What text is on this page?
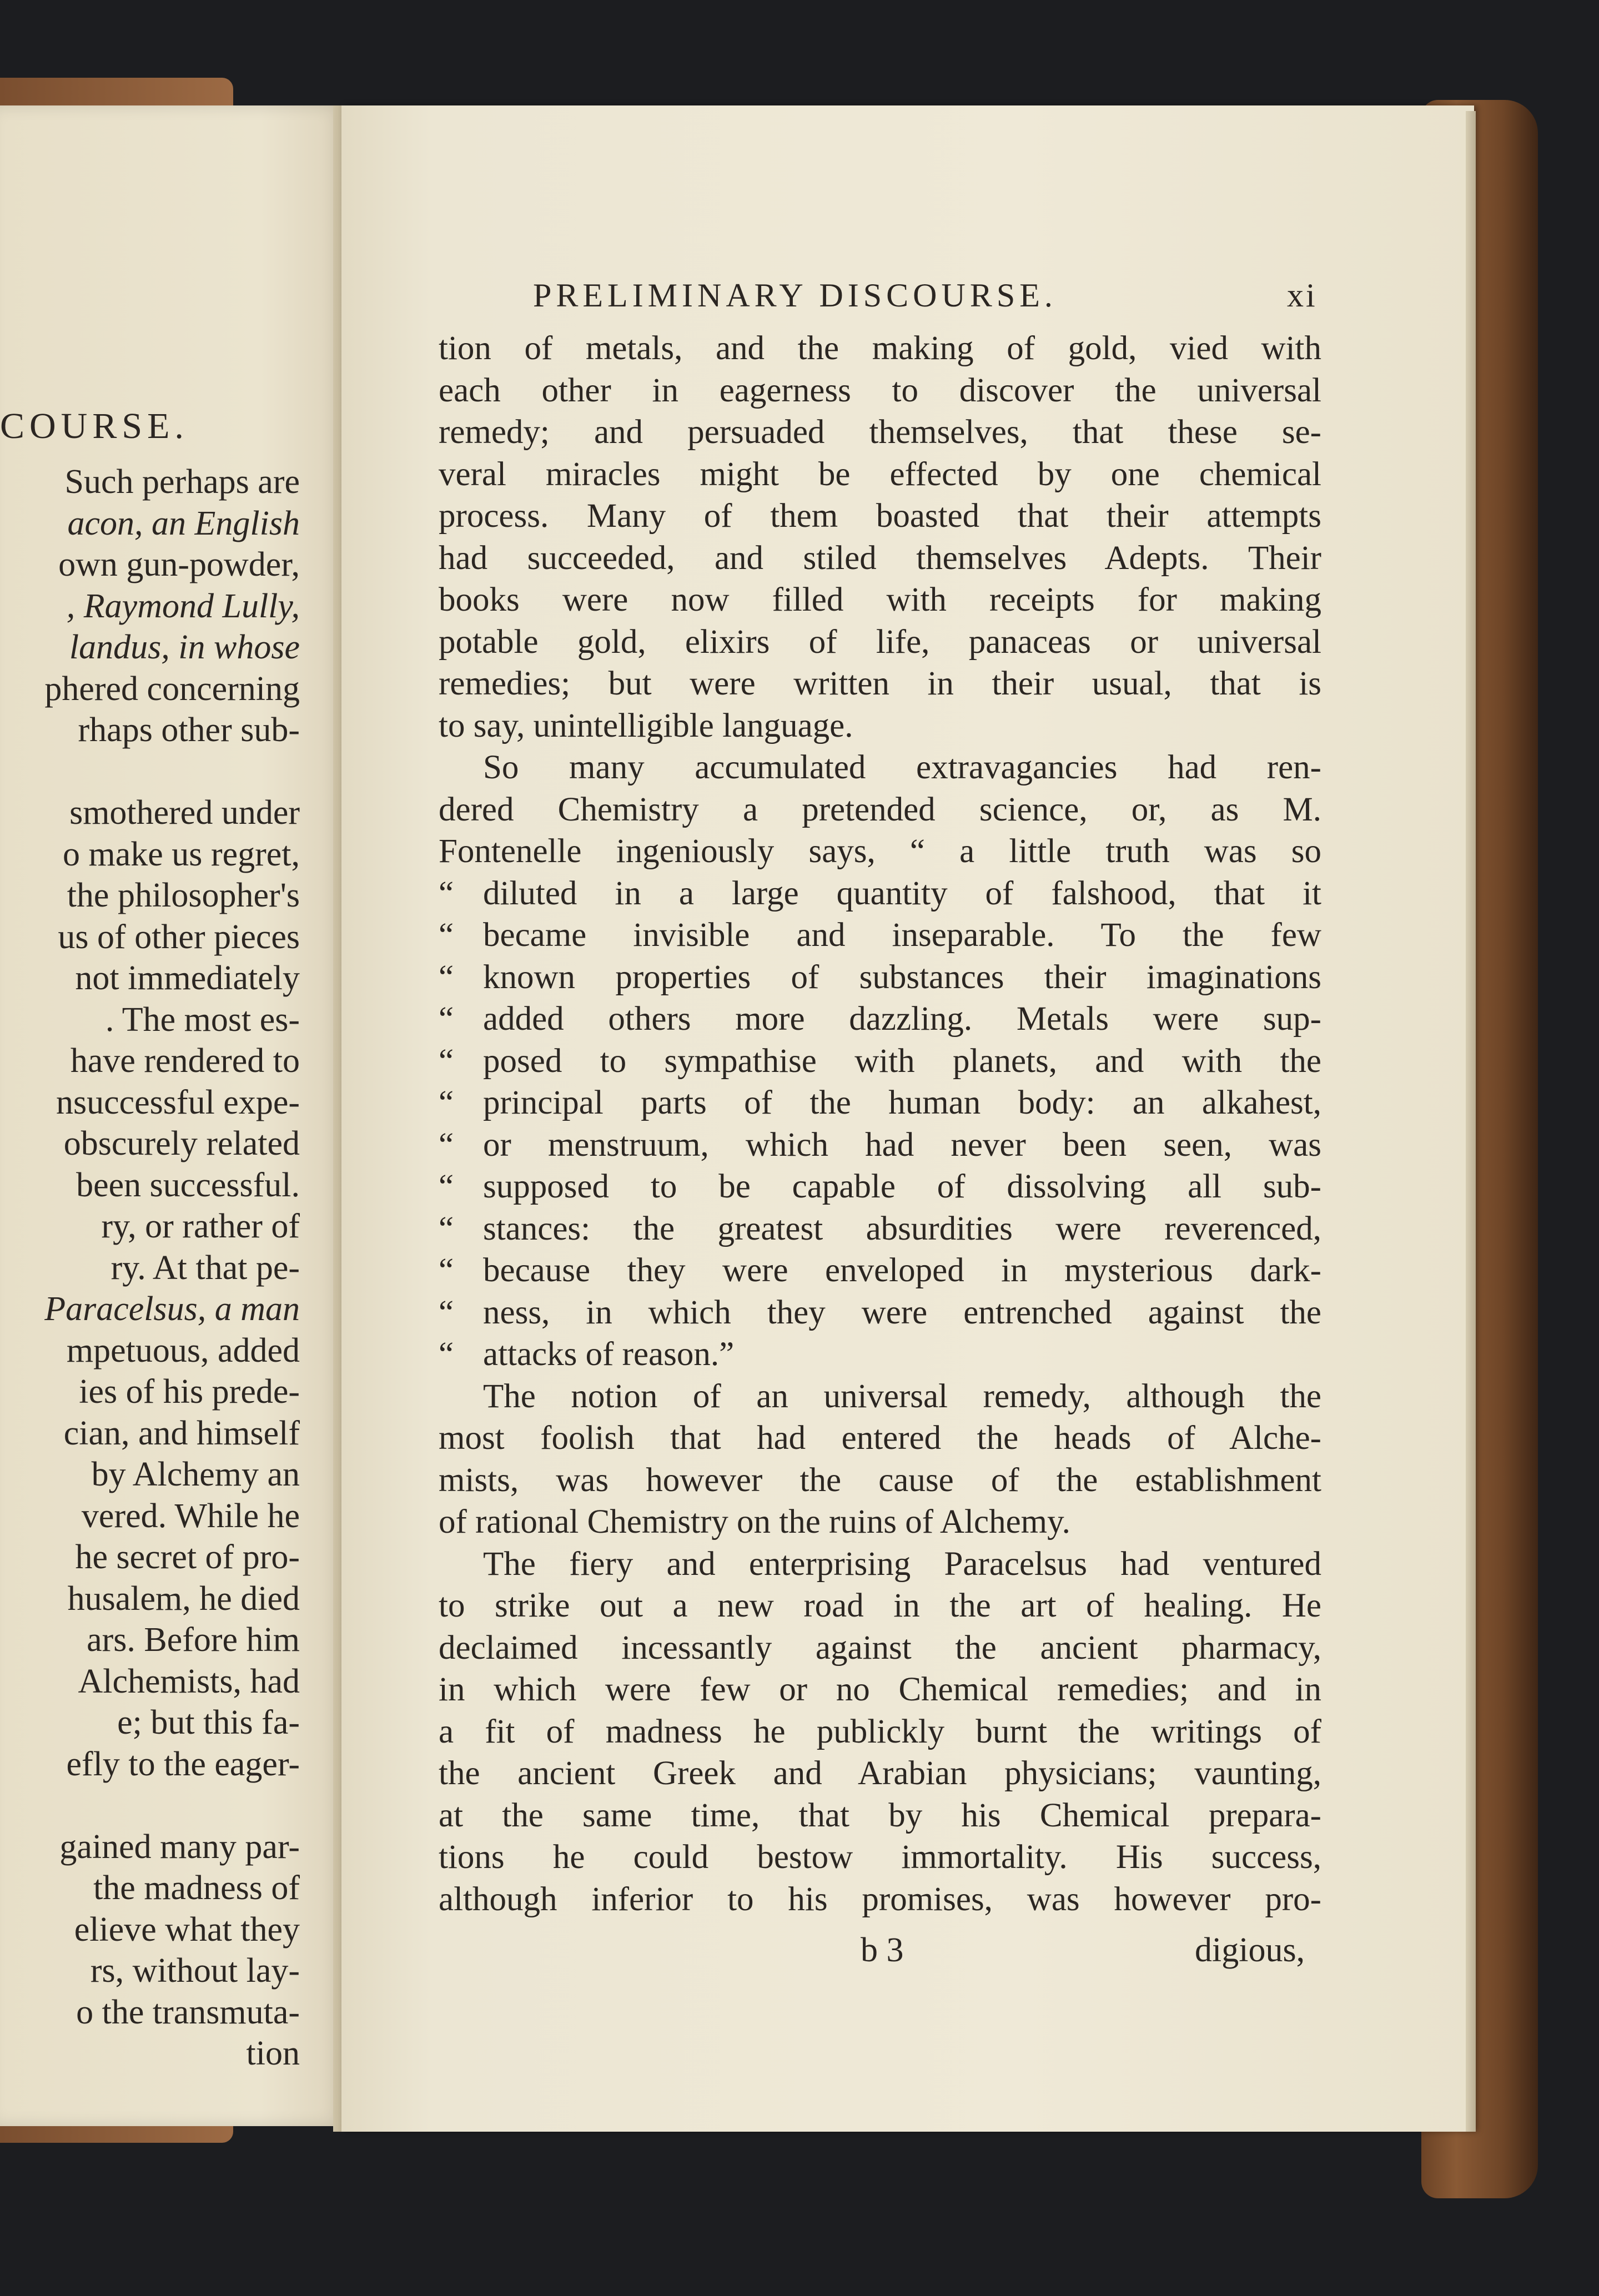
COURSE.
Such perhaps are
acon, an English
own gun-powder,
, Raymond Lully,
landus, in whose
phered concerning
rhaps other sub-
smothered under
o make us regret,
the philosopher's
us of other pieces
not immediately
. The most es-
have rendered to
nsuccessful expe-
obscurely related
been successful.
ry, or rather of
ry. At that pe-
Paracelsus, a man
mpetuous, added
ies of his prede-
cian, and himself
by Alchemy an
vered. While he
he secret of pro-
husalem, he died
ars. Before him
Alchemists, had
e; but this fa-
efly to the eager-
gained many par-
the madness of
elieve what they
rs, without lay-
o the transmuta-
tion
PRELIMINARY DISCOURSE.	xi
tion of metals, and the making of gold, vied with
each other in eagerness to discover the universal
remedy; and persuaded themselves, that these se-
veral miracles might be effected by one chemical
process. Many of them boasted that their attempts
had succeeded, and stiled themselves Adepts. Their
books were now filled with receipts for making
potable gold, elixirs of life, panaceas or universal
remedies; but were written in their usual, that is
to say, unintelligible language.
So many accumulated extravagancies had ren-
dered Chemistry a pretended science, or, as M.
Fontenelle ingeniously says, “ a little truth was so
“ diluted in a large quantity of falshood, that it
“ became invisible and inseparable. To the few
“ known properties of substances their imaginations
“ added others more dazzling. Metals were sup-
“ posed to sympathise with planets, and with the
“ principal parts of the human body: an alkahest,
“ or menstruum, which had never been seen, was
“ supposed to be capable of dissolving all sub-
“ stances: the greatest absurdities were reverenced,
“ because they were enveloped in mysterious dark-
“ ness, in which they were entrenched against the
“ attacks of reason.”
The notion of an universal remedy, although the
most foolish that had entered the heads of Alche-
mists, was however the cause of the establishment
of rational Chemistry on the ruins of Alchemy.
The fiery and enterprising Paracelsus had ventured
to strike out a new road in the art of healing. He
declaimed incessantly against the ancient pharmacy,
in which were few or no Chemical remedies; and in
a fit of madness he publickly burnt the writings of
the ancient Greek and Arabian physicians; vaunting,
at the same time, that by his Chemical prepara-
tions he could bestow immortality. His success,
although inferior to his promises, was however pro-
b 3	digious,
